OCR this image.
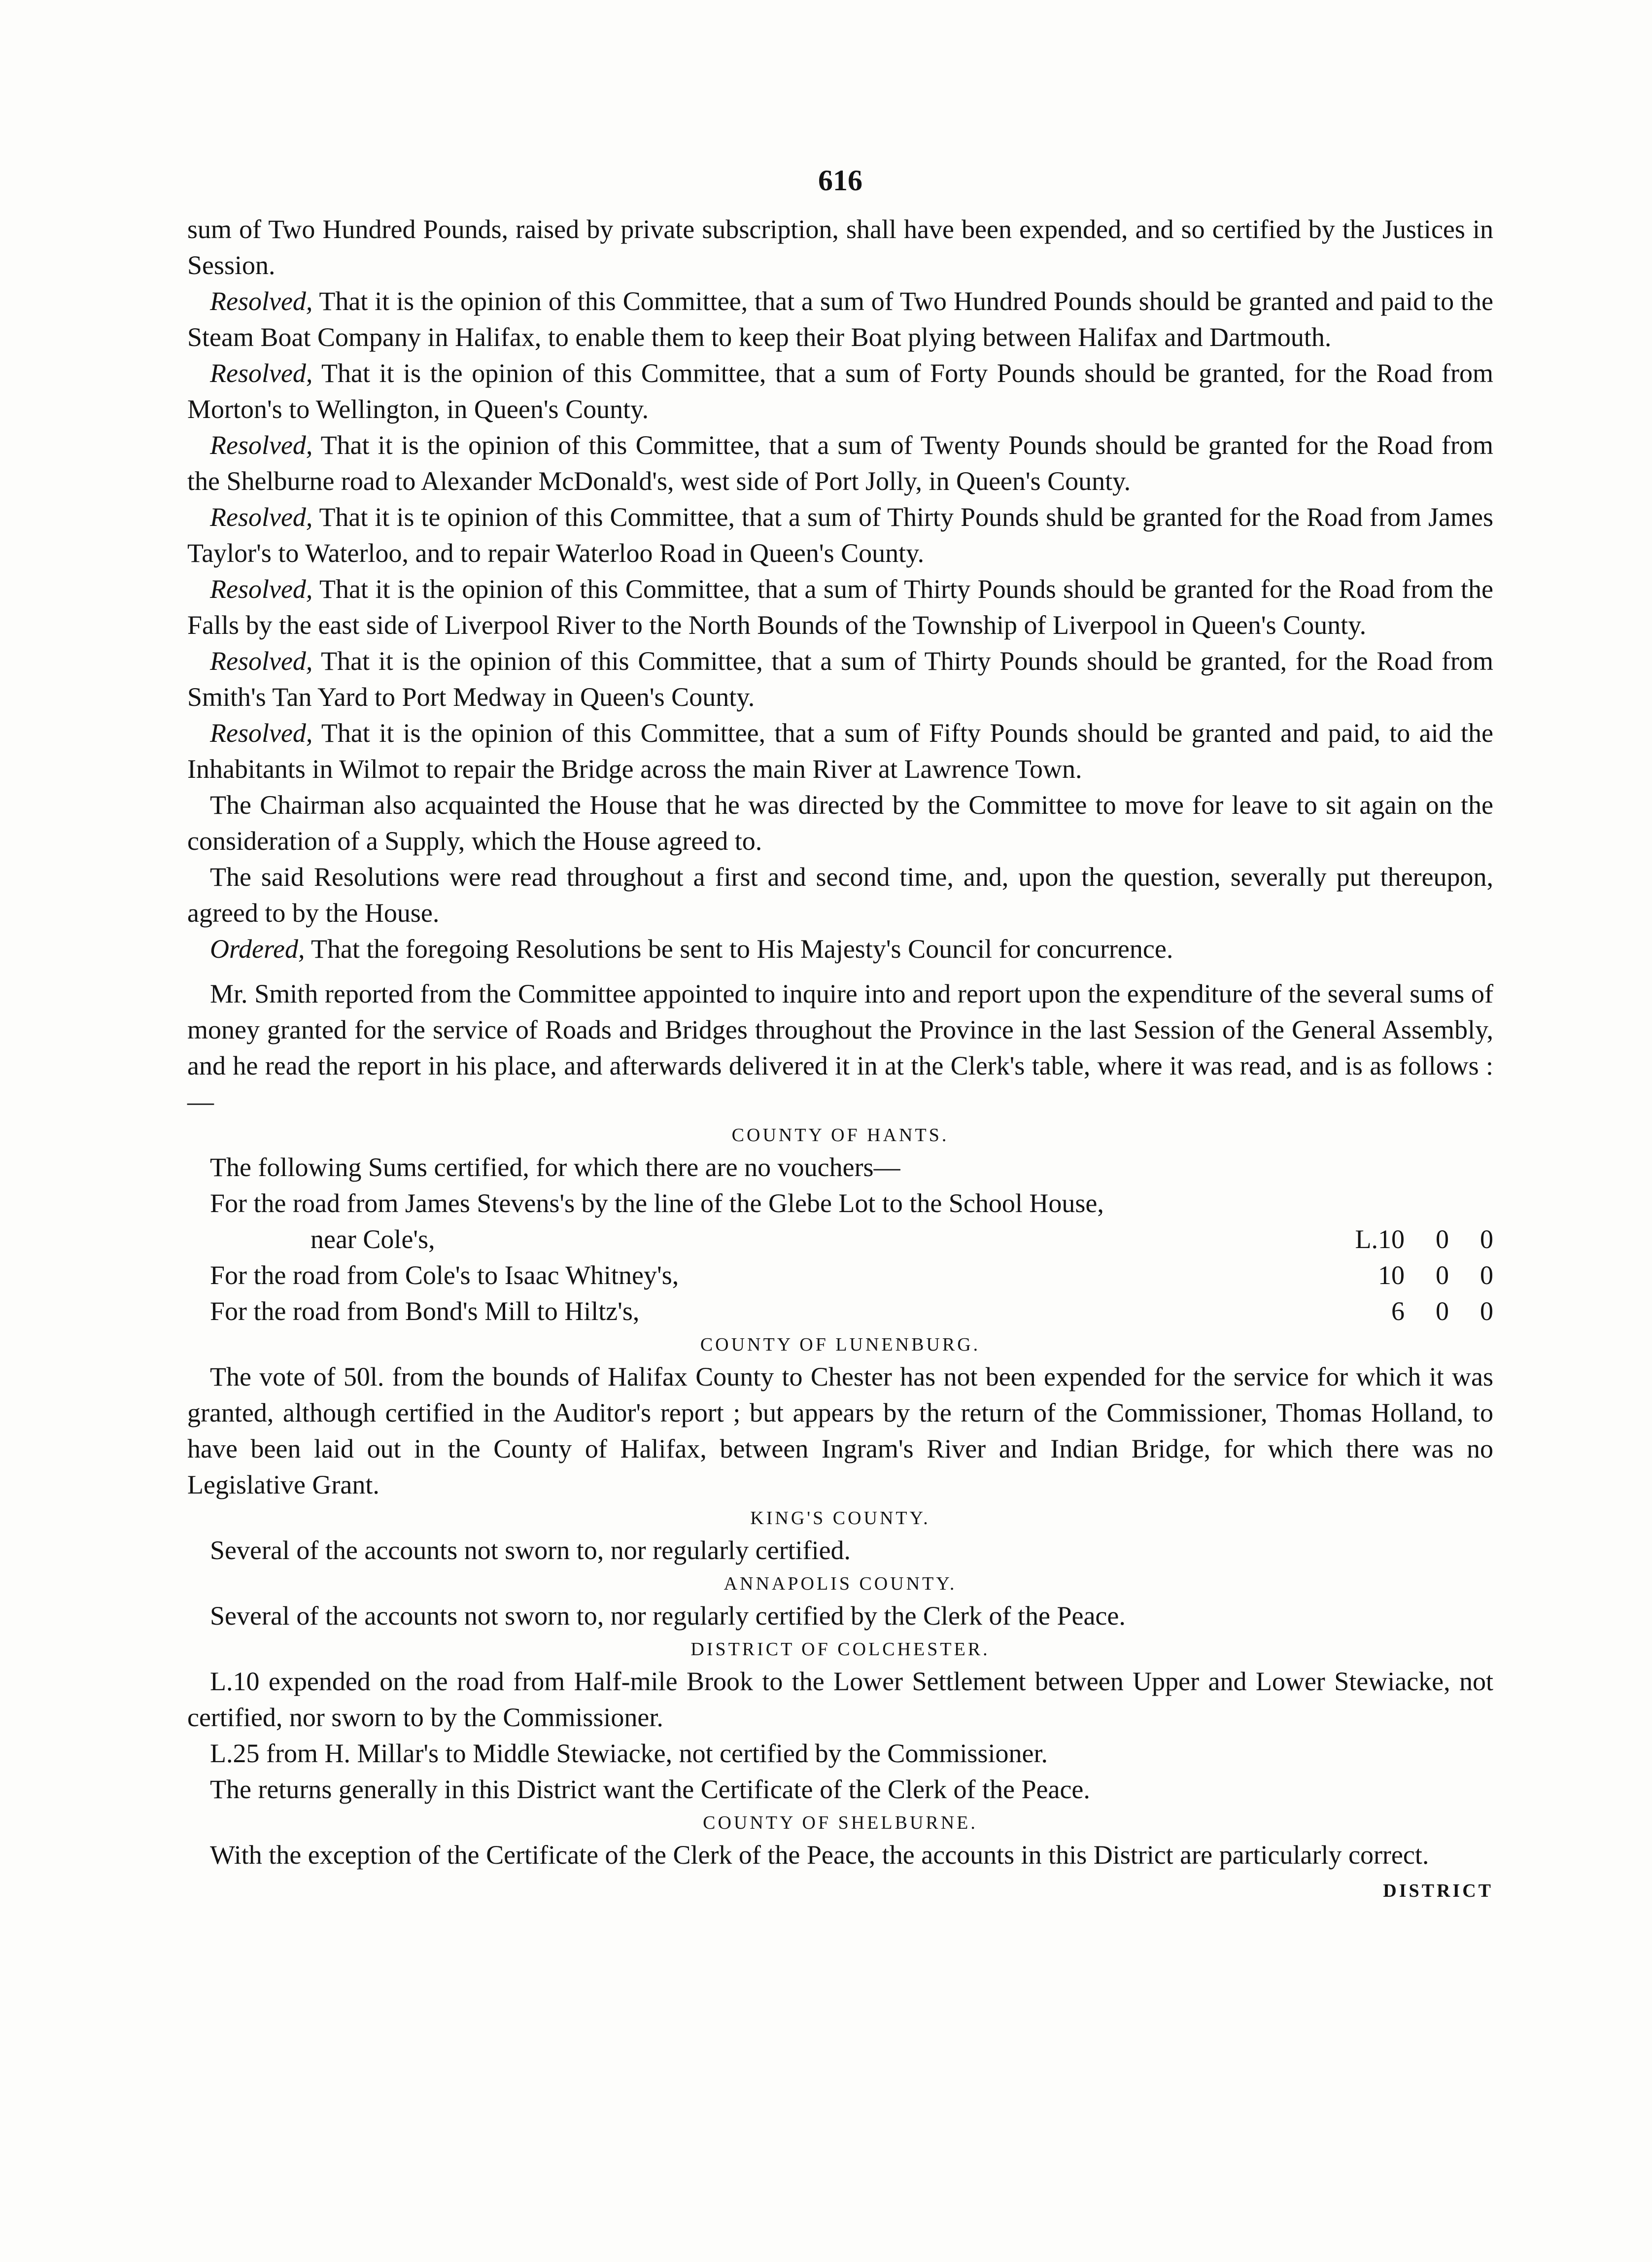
616

sum of Two Hundred Pounds, raised by private subscription, shall have been expended, and so certified by the Justices in Session.

Resolved, That it is the opinion of this Committee, that a sum of Two Hundred Pounds should be granted and paid to the Steam Boat Company in Halifax, to enable them to keep their Boat plying between Halifax and Dartmouth.

Resolved, That it is the opinion of this Committee, that a sum of Forty Pounds should be granted, for the Road from Morton's to Wellington, in Queen's County.

Resolved, That it is the opinion of this Committee, that a sum of Twenty Pounds should be granted for the Road from the Shelburne road to Alexander McDonald's, west side of Port Jolly, in Queen's County.

Resolved, That it is te opinion of this Committee, that a sum of Thirty Pounds shuld be granted for the Road from James Taylor's to Waterloo, and to repair Waterloo Road in Queen's County.

Resolved, That it is the opinion of this Committee, that a sum of Thirty Pounds should be granted for the Road from the Falls by the east side of Liverpool River to the North Bounds of the Township of Liverpool in Queen's County.

Resolved, That it is the opinion of this Committee, that a sum of Thirty Pounds should be granted, for the Road from Smith's Tan Yard to Port Medway in Queen's County.

Resolved, That it is the opinion of this Committee, that a sum of Fifty Pounds should be granted and paid, to aid the Inhabitants in Wilmot to repair the Bridge across the main River at Lawrence Town.

The Chairman also acquainted the House that he was directed by the Committee to move for leave to sit again on the consideration of a Supply, which the House agreed to.

The said Resolutions were read throughout a first and second time, and, upon the question, severally put thereupon, agreed to by the House.

Ordered, That the foregoing Resolutions be sent to His Majesty's Council for concurrence.

Mr. Smith reported from the Committee appointed to inquire into and report upon the expenditure of the several sums of money granted for the service of Roads and Bridges throughout the Province in the last Session of the General Assembly, and he read the report in his place, and afterwards delivered it in at the Clerk's table, where it was read, and is as follows :—

COUNTY OF HANTS.

The following Sums certified, for which there are no vouchers—

For the road from James Stevens's by the line of the Glebe Lot to the School House,

near Cole's,	L.10	0	0
For the road from Cole's to Isaac Whitney's,	10	0	0
For the road from Bond's Mill to Hiltz's,	6	0	0
COUNTY OF LUNENBURG.

The vote of 50l. from the bounds of Halifax County to Chester has not been expended for the service for which it was granted, although certified in the Auditor's report ; but appears by the return of the Commissioner, Thomas Holland, to have been laid out in the County of Halifax, between Ingram's River and Indian Bridge, for which there was no Legislative Grant.

KING'S COUNTY.

Several of the accounts not sworn to, nor regularly certified.

ANNAPOLIS COUNTY.

Several of the accounts not sworn to, nor regularly certified by the Clerk of the Peace.

DISTRICT OF COLCHESTER.

L.10 expended on the road from Half-mile Brook to the Lower Settlement between Upper and Lower Stewiacke, not certified, nor sworn to by the Commissioner.

L.25 from H. Millar's to Middle Stewiacke, not certified by the Commissioner.

The returns generally in this District want the Certificate of the Clerk of the Peace.

COUNTY OF SHELBURNE.

With the exception of the Certificate of the Clerk of the Peace, the accounts in this District are particularly correct.

DISTRICT
